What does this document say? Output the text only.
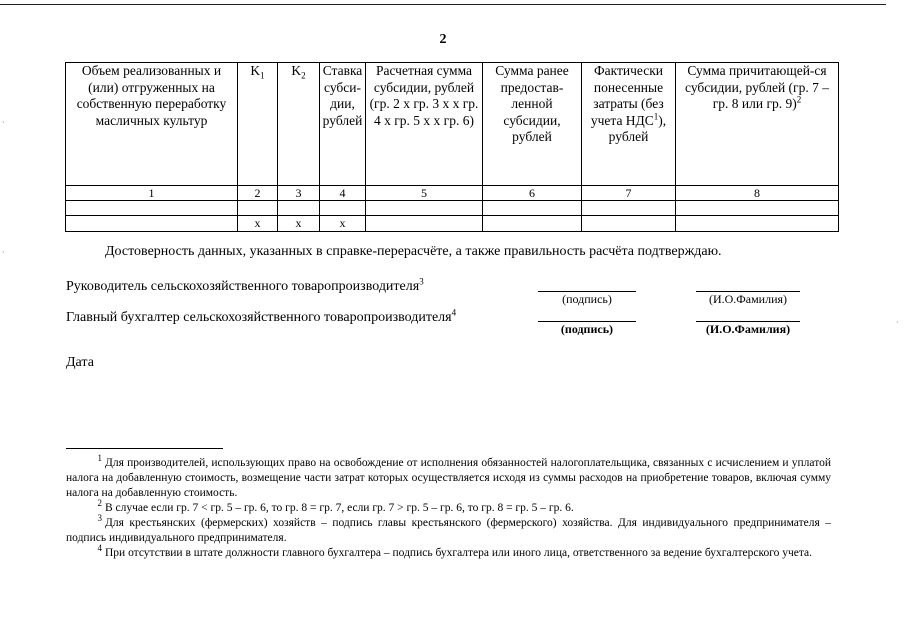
2
·
·
·
Объем реализованных и (или) отгруженных на собственную переработку масличных культур	$K_1$	$K_2$	Ставка субси-дии, рублей	Расчетная сумма субсидии, рублей (гр. 2 х гр. 3 х х гр. 4 х гр. 5 х х гр. 6)	Сумма ранее предостав-ленной субсидии, рублей	Фактически понесенные затраты (без учета НДС$^1$), рублей	Сумма причитающей-ся субсидии, рублей (гр. 7 – гр. 8 или гр. 9)$^2$
1	2	3	4	5	6	7	8

	x	x	x				
Достоверность данных, указанных в справке-перерасчёте, а также правильность расчёта подтверждаю.
Руководитель сельскохозяйственного товаропроизводителя$^3$
(подпись)	(И.О.Фамилия)
Главный бухгалтер сельскохозяйственного товаропроизводителя$^4$
(подпись)	(И.О.Фамилия)
Дата
$^1$ Для производителей, использующих право на освобождение от исполнения обязанностей налогоплательщика, связанных с исчислением и уплатой налога на добавленную стоимость, возмещение части затрат которых осуществляется исходя из суммы расходов на приобретение товаров, включая сумму налога на добавленную стоимость.
$^2$ В случае если гр. 7 < гр. 5 – гр. 6, то гр. 8 = гр. 7, если гр. 7 > гр. 5 – гр. 6, то гр. 8 = гр. 5 – гр. 6.
$^3$ Для крестьянских (фермерских) хозяйств – подпись главы крестьянского (фермерского) хозяйства. Для индивидуального предпринимателя – подпись индивидуального предпринимателя.
$^4$ При отсутствии в штате должности главного бухгалтера – подпись бухгалтера или иного лица, ответственного за ведение бухгалтерского учета.
